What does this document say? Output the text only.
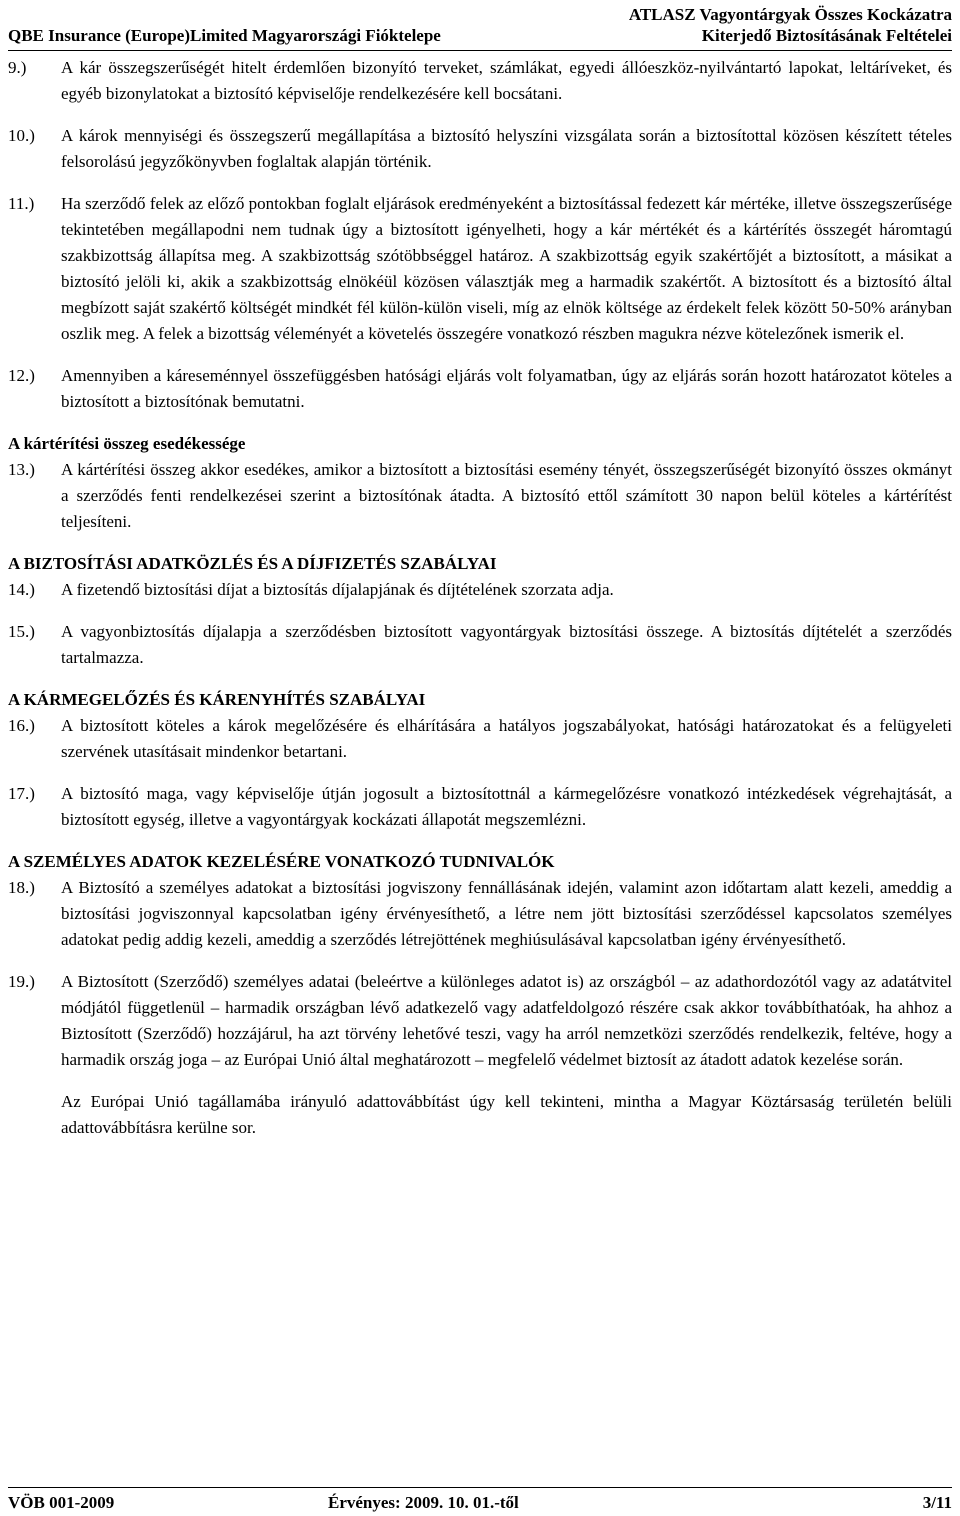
QBE Insurance (Europe)Limited Magyarországi Fióktelepe
ATLASZ Vagyontárgyak Összes Kockázatra
Kiterjedő Biztosításának Feltételei
9.) A kár összegszerűségét hitelt érdemlően bizonyító terveket, számlákat, egyedi állóeszköz-nyilvántartó lapokat, leltáríveket, és egyéb bizonylatokat a biztosító képviselője rendelkezésére kell bocsátani.
10.) A károk mennyiségi és összegszerű megállapítása a biztosító helyszíni vizsgálata során a biztosítottal közösen készített tételes felsorolású jegyzőkönyvben foglaltak alapján történik.
11.) Ha szerződő felek az előző pontokban foglalt eljárások eredményeként a biztosítással fedezett kár mértéke, illetve összegszerűsége tekintetében megállapodni nem tudnak úgy a biztosított igényelheti, hogy a kár mértékét és a kártérítés összegét háromtagú szakbizottság állapítsa meg. A szakbizottság szótöbbséggel határoz. A szakbizottság egyik szakértőjét a biztosított, a másikat a biztosító jelöli ki, akik a szakbizottság elnökéül közösen választják meg a harmadik szakértőt. A biztosított és a biztosító által megbízott saját szakértő költségét mindkét fél külön-külön viseli, míg az elnök költsége az érdekelt felek között 50-50% arányban oszlik meg. A felek a bizottság véleményét a követelés összegére vonatkozó részben magukra nézve kötelezőnek ismerik el.
12.) Amennyiben a káreseménnyel összefüggésben hatósági eljárás volt folyamatban, úgy az eljárás során hozott határozatot köteles a biztosított a biztosítónak bemutatni.
A kártérítési összeg esedékessége
13.) A kártérítési összeg akkor esedékes, amikor a biztosított a biztosítási esemény tényét, összegszerűségét bizonyító összes okmányt a szerződés fenti rendelkezései szerint a biztosítónak átadta. A biztosító ettől számított 30 napon belül köteles a kártérítést teljesíteni.
A BIZTOSÍTÁSI ADATKÖZLÉS ÉS A DÍJFIZETÉS SZABÁLYAI
14.) A fizetendő biztosítási díjat a biztosítás díjalapjának és díjtételének szorzata adja.
15.) A vagyonbiztosítás díjalapja a szerződésben biztosított vagyontárgyak biztosítási összege. A biztosítás díjtételét a szerződés tartalmazza.
A KÁRMEGELŐZÉS ÉS KÁRENYHÍTÉS SZABÁLYAI
16.) A biztosított köteles a károk megelőzésére és elhárítására a hatályos jogszabályokat, hatósági határozatokat és a felügyeleti szervének utasításait mindenkor betartani.
17.) A biztosító maga, vagy képviselője útján jogosult a biztosítottnál a kármegelőzésre vonatkozó intézkedések végrehajtását, a biztosított egység, illetve a vagyontárgyak kockázati állapotát megszemlézni.
A SZEMÉLYES ADATOK KEZELÉSÉRE VONATKOZÓ TUDNIVALÓK
18.) A Biztosító a személyes adatokat a biztosítási jogviszony fennállásának idején, valamint azon időtartam alatt kezeli, ameddig a biztosítási jogviszonnyal kapcsolatban igény érvényesíthető, a létre nem jött biztosítási szerződéssel kapcsolatos személyes adatokat pedig addig kezeli, ameddig a szerződés létrejöttének meghiúsulásával kapcsolatban igény érvényesíthető.
19.) A Biztosított (Szerződő) személyes adatai (beleértve a különleges adatot is) az országból – az adathordozótól vagy az adatátvitel módjától függetlenül – harmadik országban lévő adatkezelő vagy adatfeldolgozó részére csak akkor továbbíthatóak, ha ahhoz a Biztosított (Szerződő) hozzájárul, ha azt törvény lehetővé teszi, vagy ha arról nemzetközi szerződés rendelkezik, feltéve, hogy a harmadik ország joga – az Európai Unió által meghatározott – megfelelő védelmet biztosít az átadott adatok kezelése során.
Az Európai Unió tagállamába irányuló adattovábbítást úgy kell tekinteni, mintha a Magyar Köztársaság területén belüli adattovábbításra kerülne sor.
VÖB 001-2009	Érvényes: 2009. 10. 01.-től	3/11
